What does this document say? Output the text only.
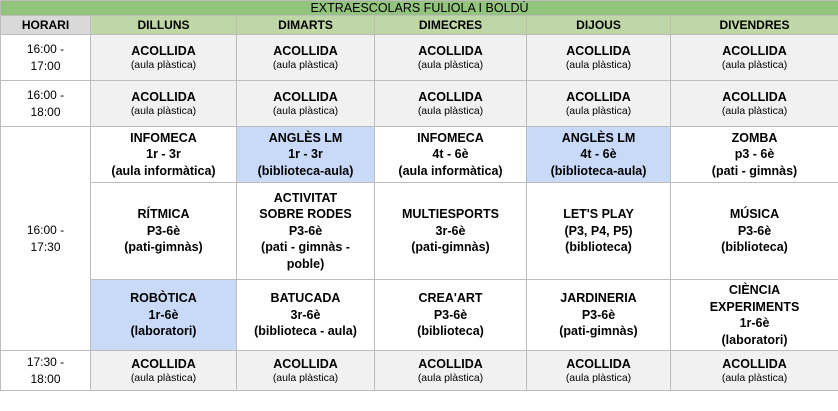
EXTRAESCOLARS FULIOLA I BOLDÚ					
HORARI	DILLUNS	DIMARTS	DIMECRES	DIJOUS	DIVENDRES

16:00 -
17:00	ACOLLIDA
(aula plàstica)	ACOLLIDA
(aula plàstica)	ACOLLIDA
(aula plàstica)	ACOLLIDA
(aula plàstica)	ACOLLIDA
(aula plàstica)

16:00 -
18:00	ACOLLIDA
(aula plàstica)	ACOLLIDA
(aula plàstica)	ACOLLIDA
(aula plàstica)	ACOLLIDA
(aula plàstica)	ACOLLIDA
(aula plàstica)

16:00 -
17:30	INFOMECA
1r - 3r
(aula informàtica)	ANGLÈS LM
1r - 3r
(biblioteca-aula)	INFOMECA
4t - 6è
(aula informàtica)	ANGLÈS LM
4t - 6è
(biblioteca-aula)	ZOMBA
p3 - 6è
(pati - gimnàs)

	RÍTMICA
P3-6è
(pati-gimnàs)	ACTIVITAT
SOBRE RODES
P3-6è
(pati - gimnàs -
poble)	MULTIESPORTS
3r-6è
(pati-gimnàs)	LET'S PLAY
(P3, P4, P5)
(biblioteca)	MÚSICA
P3-6è
(biblioteca)

	ROBÒTICA
1r-6è
(laboratori)	BATUCADA
3r-6è
(biblioteca - aula)	CREA'ART
P3-6è
(biblioteca)	JARDINERIA
P3-6è
(pati-gimnàs)	CIÈNCIA
EXPERIMENTS
1r-6è
(laboratori)

17:30 -
18:00	ACOLLIDA
(aula plàstica)	ACOLLIDA
(aula plàstica)	ACOLLIDA
(aula plàstica)	ACOLLIDA
(aula plàstica)	ACOLLIDA
(aula plàstica)
